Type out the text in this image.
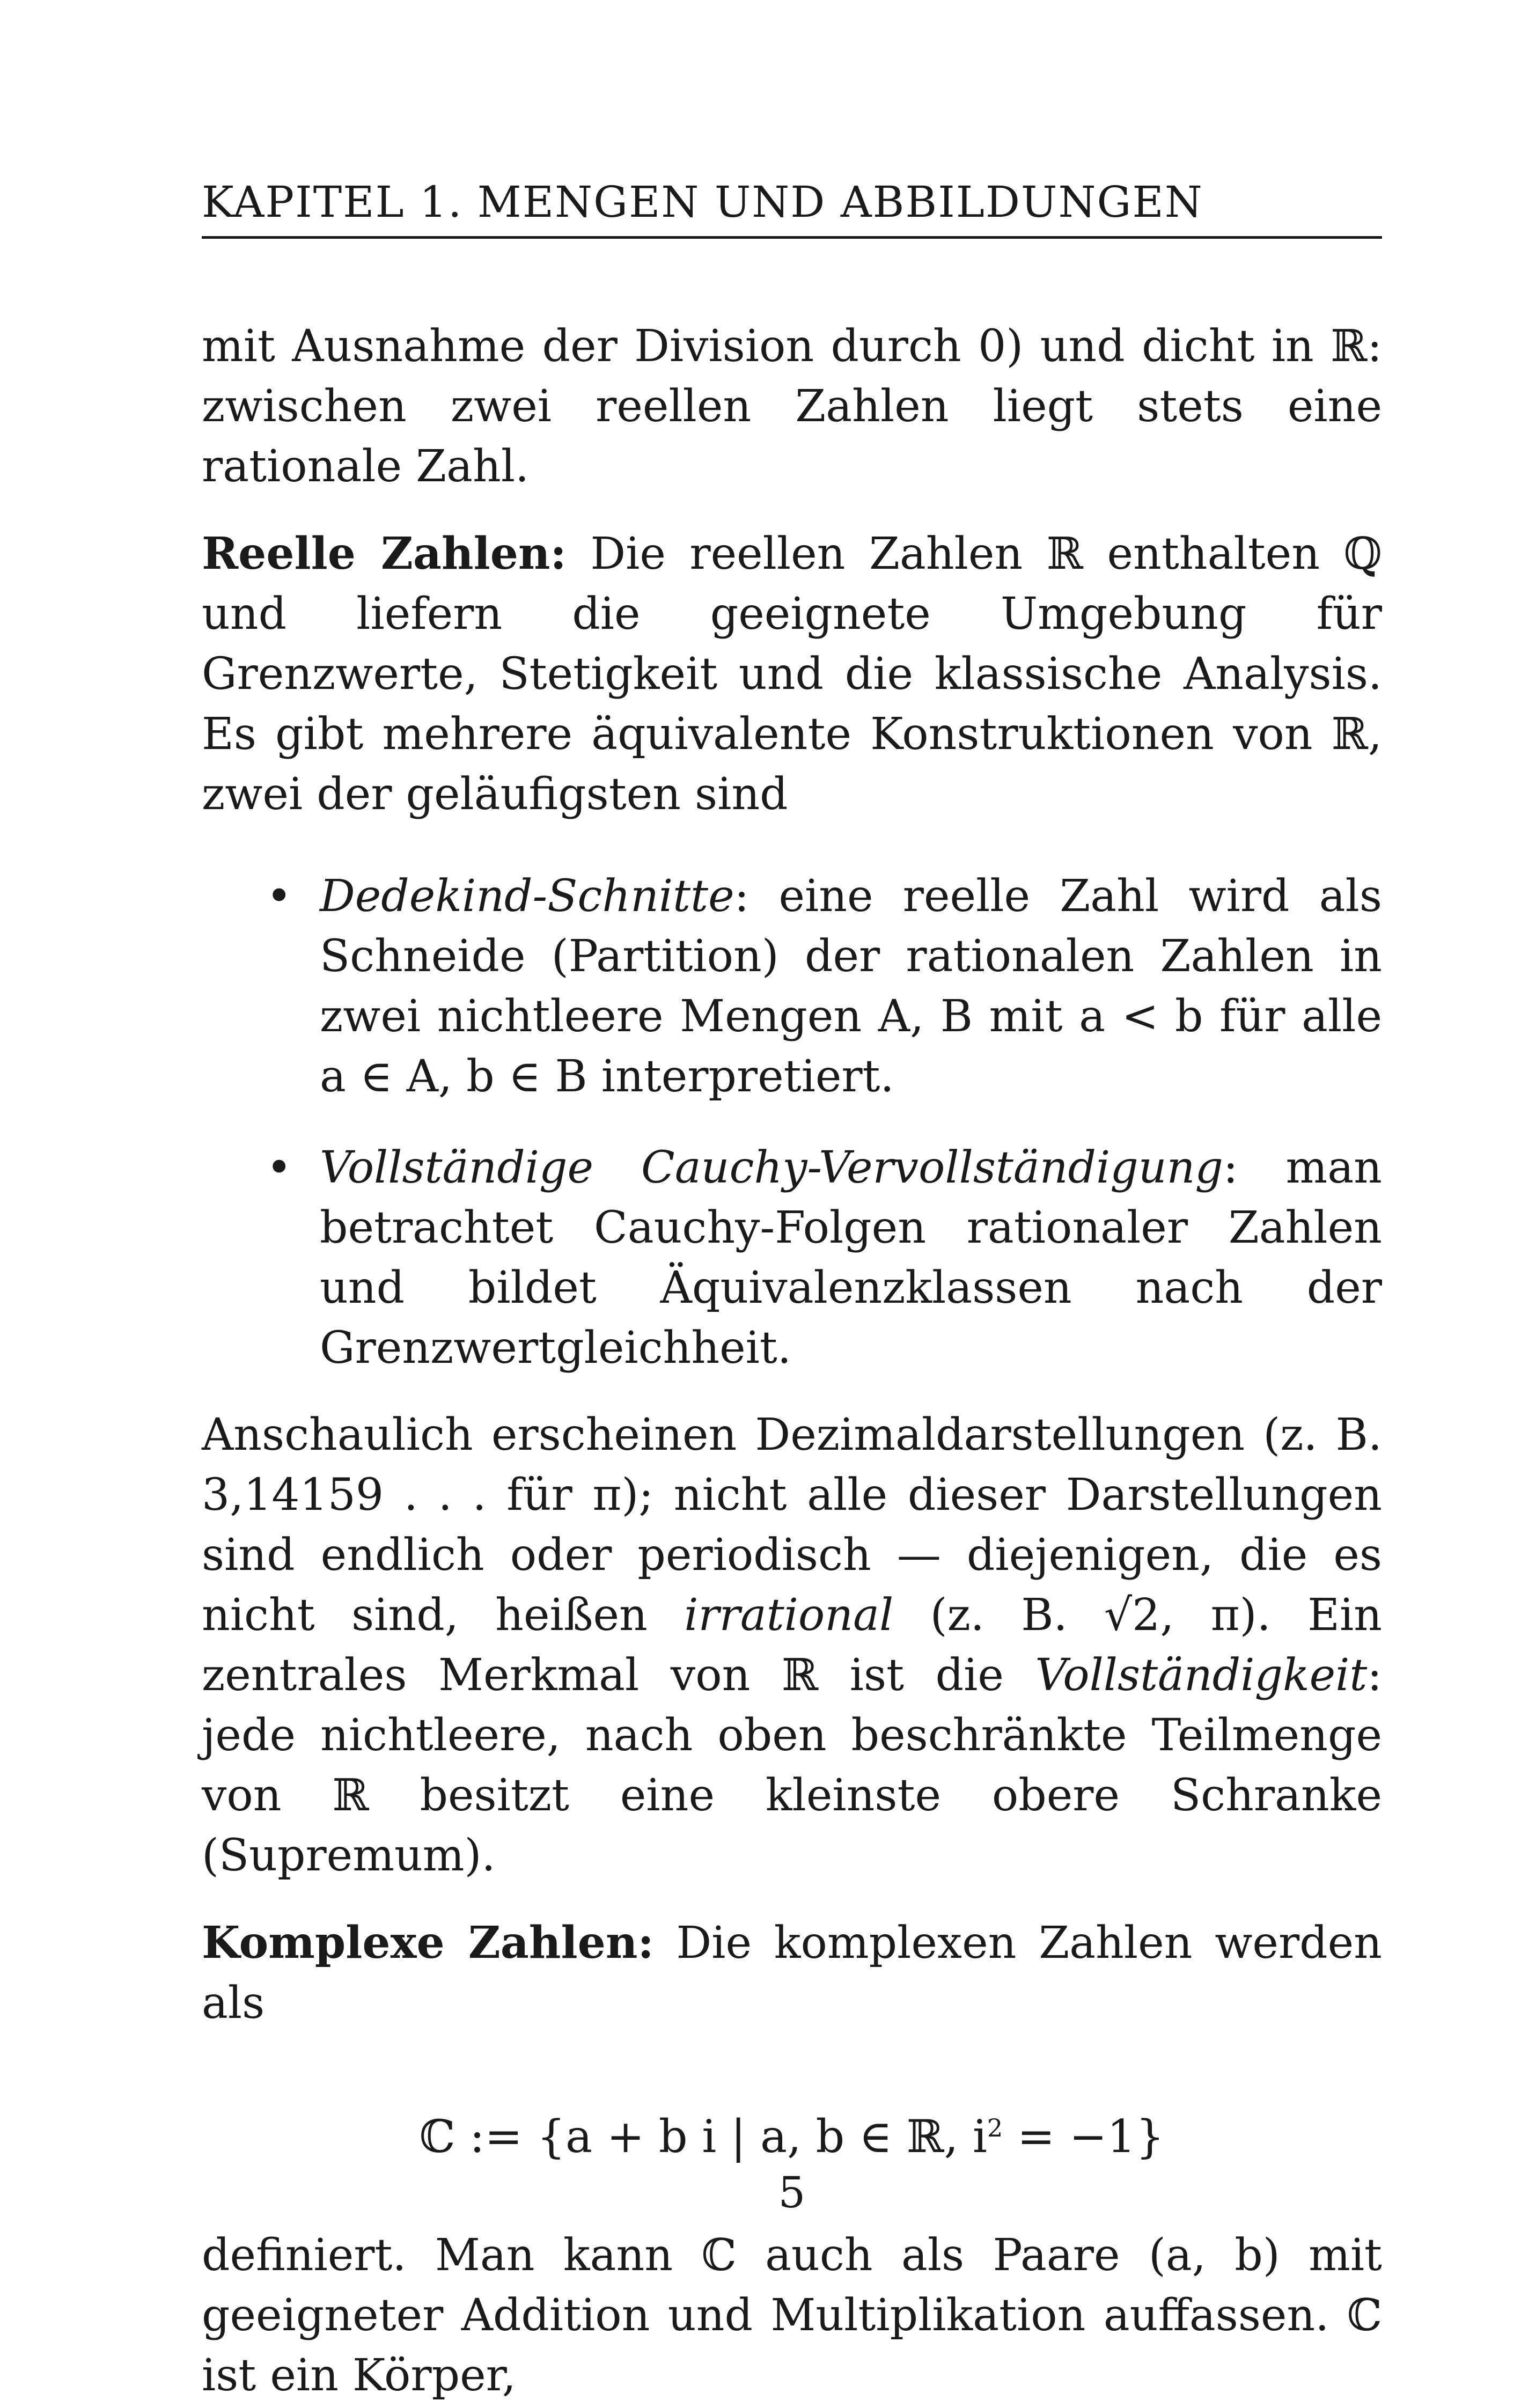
KAPITEL 1. MENGEN UND ABBILDUNGEN

mit Ausnahme der Division durch 0) und dicht in ℝ: zwischen zwei reellen Zahlen liegt stets eine rationale Zahl.

Reelle Zahlen: Die reellen Zahlen ℝ enthalten ℚ und liefern die geeignete Umgebung für Grenzwerte, Stetigkeit und die klassische Analysis. Es gibt mehrere äquivalente Konstruktionen von ℝ, zwei der geläufigsten sind

• Dedekind-Schnitte: eine reelle Zahl wird als Schneide (Partition) der rationalen Zahlen in zwei nichtleere Mengen A, B mit a < b für alle a ∈ A, b ∈ B interpretiert.
• Vollständige Cauchy-Vervollständigung: man betrachtet Cauchy-Folgen rationaler Zahlen und bildet Äquivalenzklassen nach der Grenzwertgleichheit.

Anschaulich erscheinen Dezimaldarstellungen (z. B. 3,14159 . . . für π); nicht alle dieser Darstellungen sind endlich oder periodisch — diejenigen, die es nicht sind, heißen irrational (z. B. √2, π). Ein zentrales Merkmal von ℝ ist die Vollständigkeit: jede nichtleere, nach oben beschränkte Teilmenge von ℝ besitzt eine kleinste obere Schranke (Supremum).

Komplexe Zahlen: Die komplexen Zahlen werden als

ℂ := {a + b i | a, b ∈ ℝ, $i^2 = -1$}

definiert. Man kann ℂ auch als Paare (a, b) mit geeigneter Addition und Multiplikation auffassen. ℂ ist ein Körper,

5
